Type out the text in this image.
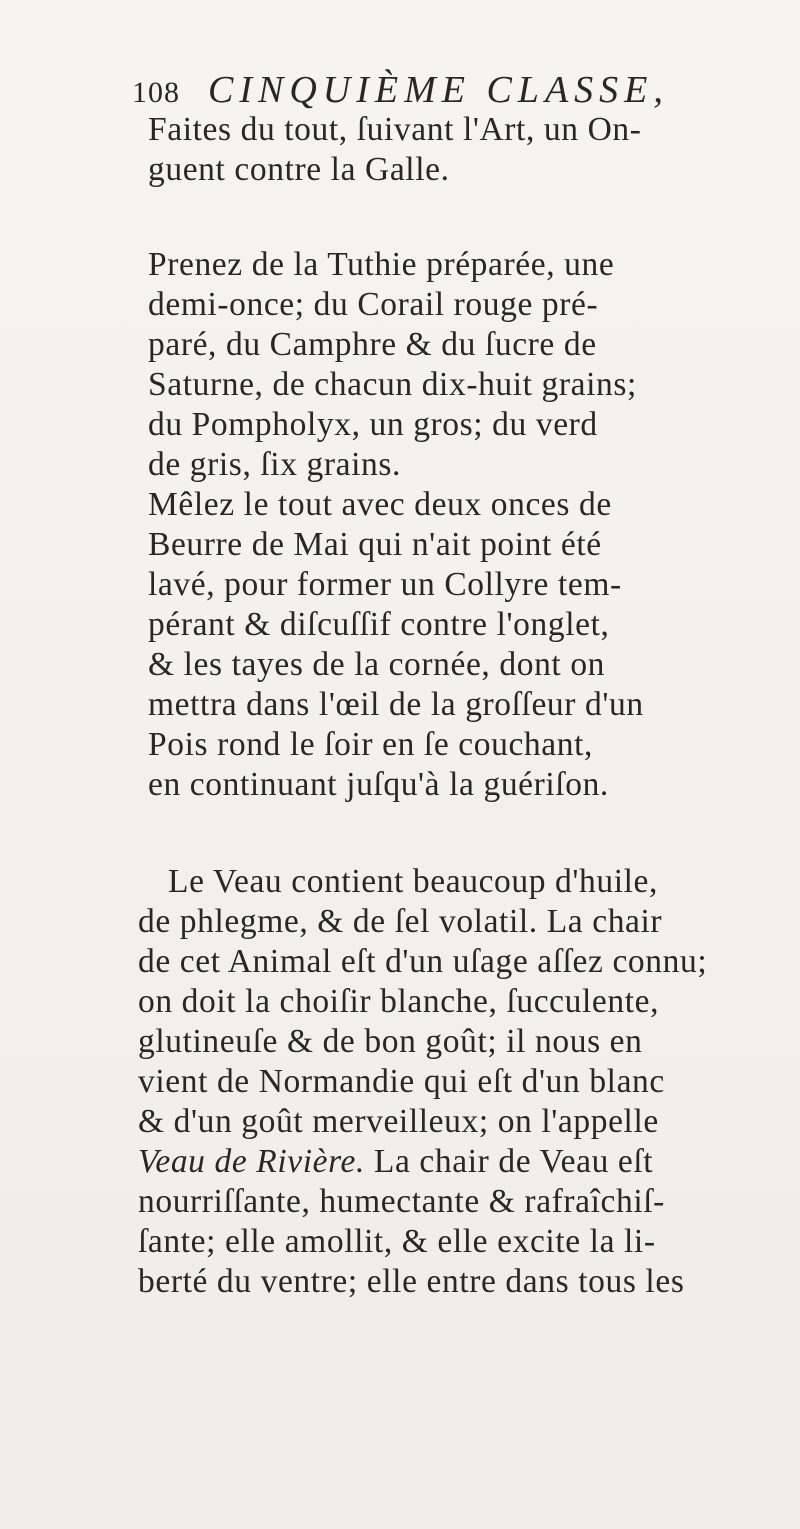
108 CINQUIÈME CLASSE,
Faites du tout, ſuivant l'Art, un On-
guent contre la Galle.
Prenez de la Tuthie préparée, une
demi-once; du Corail rouge pré-
paré, du Camphre & du ſucre de
Saturne, de chacun dix-huit grains;
du Pompholyx, un gros; du verd
de gris, ſix grains.
Mêlez le tout avec deux onces de
Beurre de Mai qui n'ait point été
lavé, pour former un Collyre tem-
pérant & diſcuſſif contre l'onglet,
& les tayes de la cornée, dont on
mettra dans l'œil de la groſſeur d'un
Pois rond le ſoir en ſe couchant,
en continuant juſqu'à la guériſon.
Le Veau contient beaucoup d'huile,
de phlegme, & de ſel volatil. La chair
de cet Animal eſt d'un uſage aſſez connu;
on doit la choiſir blanche, ſucculente,
glutineuſe & de bon goût; il nous en
vient de Normandie qui eſt d'un blanc
& d'un goût merveilleux; on l'appelle
Veau de Rivière. La chair de Veau eſt
nourriſſante, humectante & rafraîchiſ-
ſante; elle amollit, & elle excite la li-
berté du ventre; elle entre dans tous les
